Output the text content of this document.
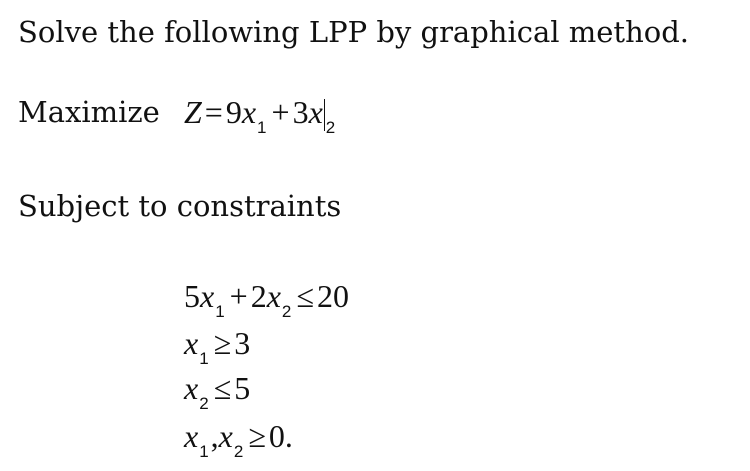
Solve the following LPP by graphical method.
Maximize $Z=9x_1 +3x$ $_2$
Subject to constraints
$5x_1 +2x_2 \le 20$
$x_1 \ge 3$
$x_2 \le 5$
$x_1,x_2 \ge 0$.
